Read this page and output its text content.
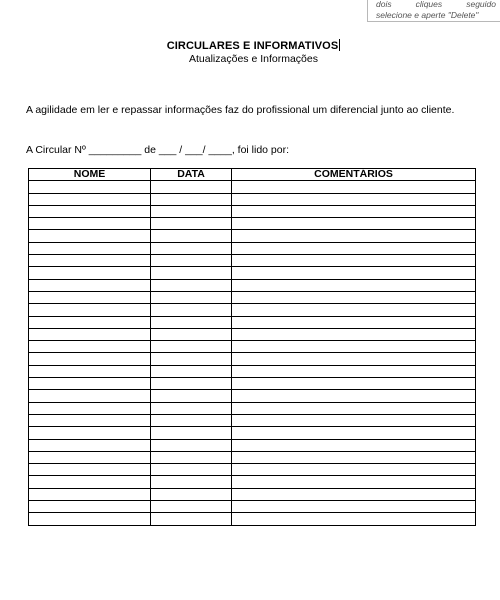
dois	cliques	seguido
selecione e aperte "Delete"
CIRCULARES E INFORMATIVOS
Atualizações e Informações
A agilidade em ler e repassar informações faz do profissional um diferencial junto ao cliente.
A Circular Nº _________ de ___ / ___/ ____, foi lido por:
NOME	DATA	COMENTÁRIOS
